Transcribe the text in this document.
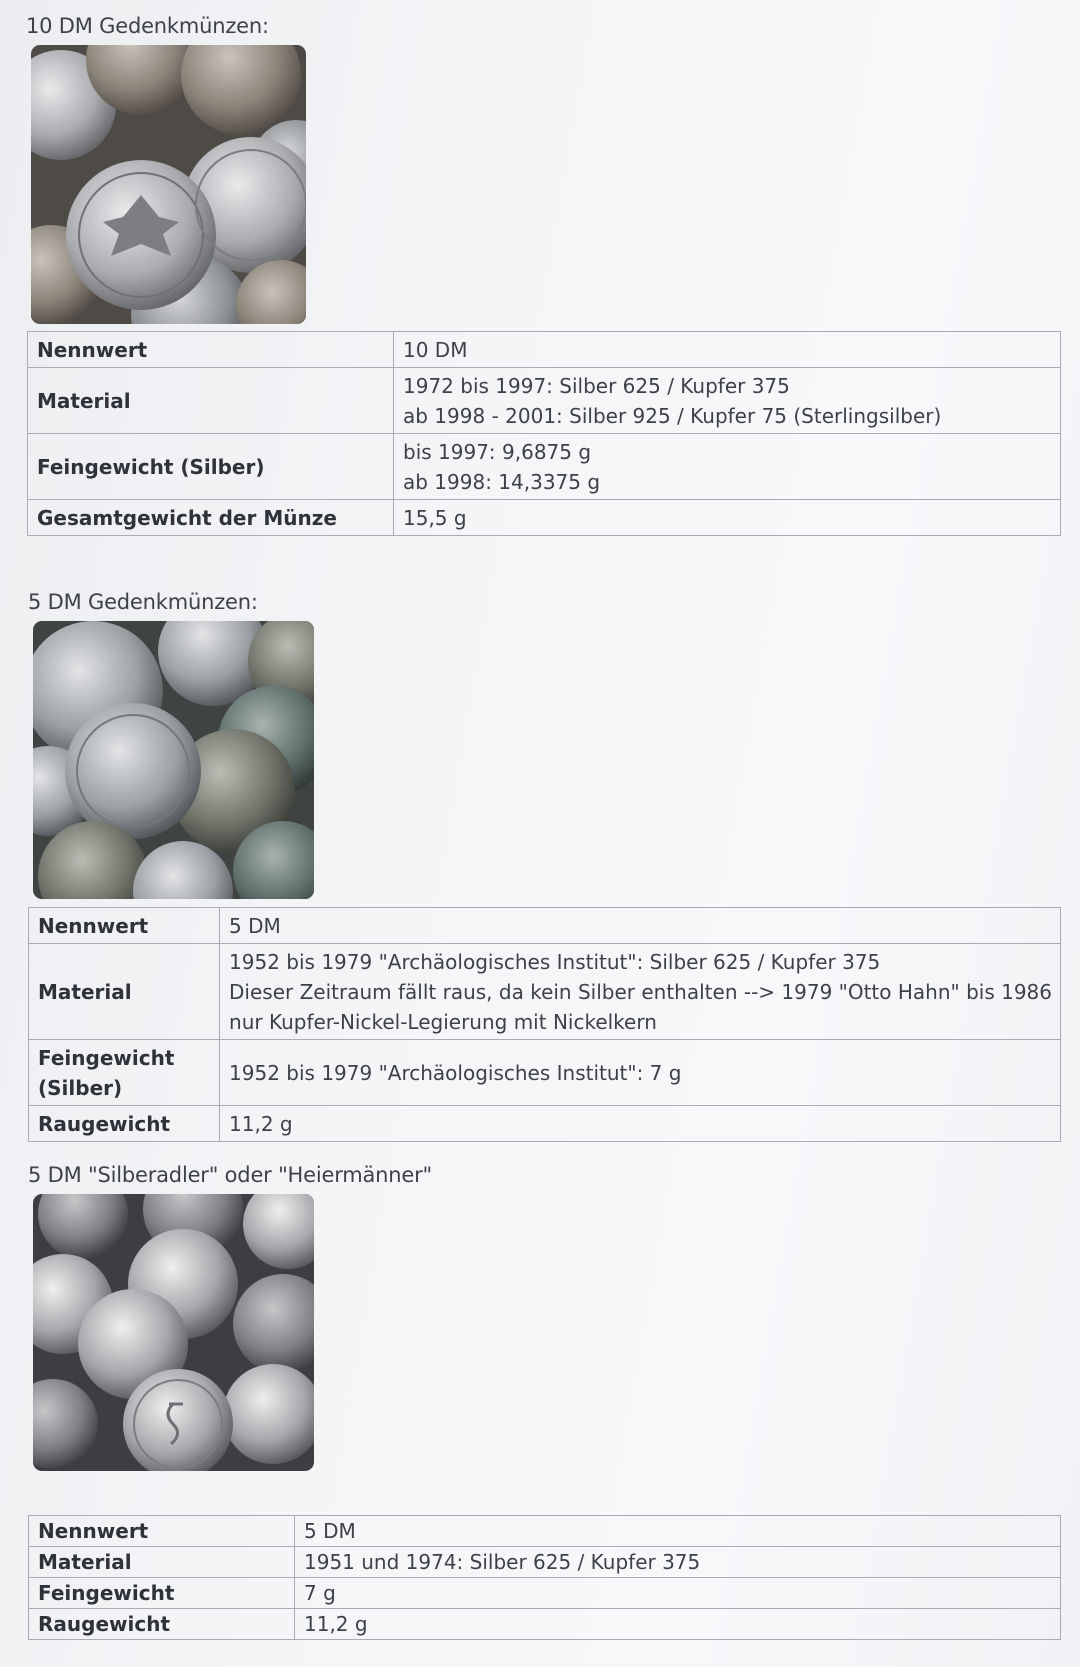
10 DM Gedenkmünzen:
Nennwert	10 DM

Material	1972 bis 1997: Silber 625 / Kupfer 375
ab 1998 - 2001: Silber 925 / Kupfer 75 (Sterlingsilber)

Feingewicht (Silber)	bis 1997: 9,6875 g
ab 1998: 14,3375 g

Gesamtgewicht der Münze	15,5 g
5 DM Gedenkmünzen:
Nennwert	5 DM

Material	1952 bis 1979 "Archäologisches Institut": Silber 625 / Kupfer 375
Dieser Zeitraum fällt raus, da kein Silber enthalten --> 1979 "Otto Hahn" bis 1986
nur Kupfer-Nickel-Legierung mit Nickelkern

Feingewicht (Silber)	1952 bis 1979 "Archäologisches Institut": 7 g

Raugewicht	11,2 g
5 DM "Silberadler" oder "Heiermänner"
Nennwert	5 DM

Material	1951 und 1974: Silber 625 / Kupfer 375

Feingewicht	7 g

Raugewicht	11,2 g
